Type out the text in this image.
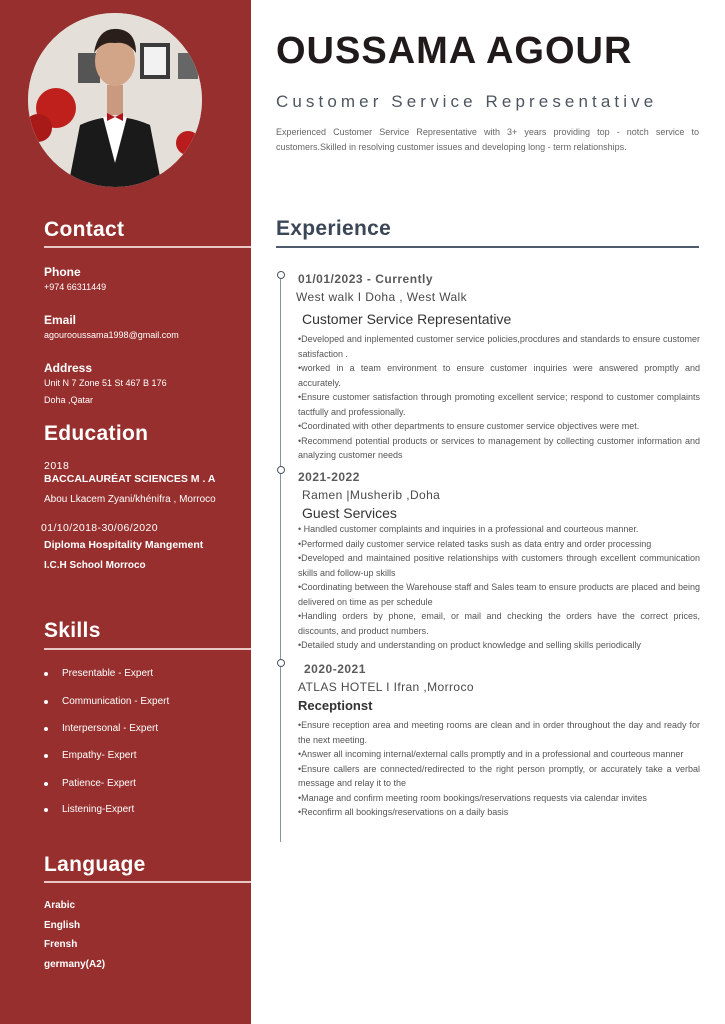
Contact
Phone
+974 66311449
Email
agourooussama1998@gmail.com
Address
Unit N 7 Zone 51 St 467 B 176
Doha ,Qatar
Education
2018
BACCALAURÉAT SCIENCES M . A
Abou Lkacem Zyani/khénifra , Morroco
01/10/2018-30/06/2020
Diploma Hospitality Mangement
I.C.H School Morroco
Skills
Presentable - Expert
Communication - Expert
Interpersonal - Expert
Empathy- Expert
Patience- Expert
Listening-Expert
Language
Arabic
English
Frensh
germany(A2)
OUSSAMA AGOUR
Customer Service Representative
Experienced Customer Service Representative with 3+ years providing top - notch service to customers.Skilled in resolving customer issues and developing long - term relationships.
Experience
01/01/2023 - Currently
West walk I Doha , West Walk
Customer Service Representative
•Developed and inplemented customer service policies,procdures and standards to ensure customer satisfaction .
•worked in a team environment to ensure customer inquiries were answered promptly and accurately.
•Ensure customer satisfaction through promoting excellent service; respond to customer complaints tactfully and professionally.
•Coordinated with other departments to ensure customer service objectives were met.
•Recommend potential products or services to management by collecting customer information and analyzing customer needs
2021-2022
Ramen |Musherib ,Doha
Guest Services
• Handled customer complaints and inquiries in a professional and courteous manner.
•Performed daily customer service related tasks sush as data entry and order processing
•Developed and maintained positive relationships with customers through excellent communication skills and follow-up skills
•Coordinating between the Warehouse staff and Sales team to ensure products are placed and being delivered on time as per schedule
•Handling orders by phone, email, or mail and checking the orders have the correct prices, discounts, and product numbers.
•Detailed study and understanding on product knowledge and selling skills periodically
2020-2021
ATLAS HOTEL I Ifran ,Morroco
Receptionst
•Ensure reception area and meeting rooms are clean and in order throughout the day and ready for the next meeting.
•Answer all incoming internal/external calls promptly and in a professional and courteous manner
•Ensure callers are connected/redirected to the right person promptly, or accurately take a verbal message and relay it to the
•Manage and confirm meeting room bookings/reservations requests via calendar invites
•Reconfirm all bookings/reservations on a daily basis
